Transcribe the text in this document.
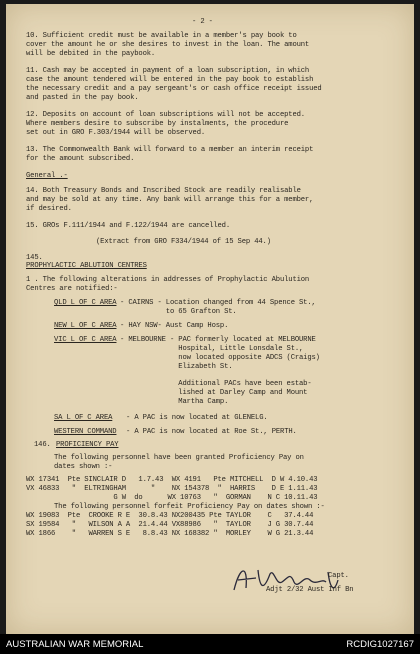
- 2 -
10. Sufficient credit must be available in a member's pay book to
cover the amount he or she desires to invest in the loan. The amount
will be debited in the paybook.
11. Cash may be accepted in payment of a loan subscription, in which
case the amount tendered will be entered in the pay book to establish
the necessary credit and a pay sergeant's or cash office receipt issued
and pasted in the pay book.
12. Deposits on account of loan subscriptions will not be accepted.
Where members desire to subscribe by instalments, the procedure
set out in GRO F.303/1944 will be observed.
13. The Commonwealth Bank will forward to a member an interim receipt
for the amount subscribed.
General .-
14. Both Treasury Bonds and Inscribed Stock are readily realisable
and may be sold at any time. Any bank will arrange this for a member,
if desired.
15. GROs F.111/1944 and F.122/1944 are cancelled.
(Extract from GRO F334/1944 of 15 Sep 44.)
145.
PROPHYLACTIC ABLUTION CENTRES
1 . The following alterations in addresses of Prophylactic Abulution
Centres are notified:-
QLD L OF C AREA - CAIRNS - Location changed from 44 Spence St.,
to 65 Grafton St.
NEW L OF C AREA - HAY NSW- Aust Camp Hosp.
VIC L OF C AREA - MELBOURNE - PAC formerly located at MELBOURNE
Hospital, Little Lonsdale St.,
now located opposite ADCS (Craigs)
Elizabeth St.
Additional PACs have been estab-
lished at Darley Camp and Mount
Martha Camp.
SA L OF C AREA - A PAC is now located at GLENELG.
WESTERN COMMAND - A PAC is now located at Roe St., PERTH.
146. PROFICIENCY PAY
The following personnel have been granted Proficiency Pay on
dates shown :-
WX 17341  Pte SINCLAIR D   1.7.43  WX 4191   Pte MITCHELL  D W 4.10.43
VX 46833   "  ELTRINGHAM      "    NX 154378  "  HARRIS    D E 1.11.43
G W  do      WX 10763   "  GORMAN    N C 10.11.43
The following personnel forfeit Proficiency Pay on dates shown :-
WX 19083  Pte  CROOKE R E  30.8.43 NX200435 Pte TAYLOR    C   37.4.44
SX 19584   "   WILSON A A  21.4.44 VX88986   "  TAYLOR    J G 30.7.44
WX 1866    "   WARREN S E   8.8.43 NX 168382 "  MORLEY    W G 21.3.44
Capt.
Adjt 2/32 Aust Inf Bn
AUSTRALIAN WAR MEMORIAL	RCDIG1027167
